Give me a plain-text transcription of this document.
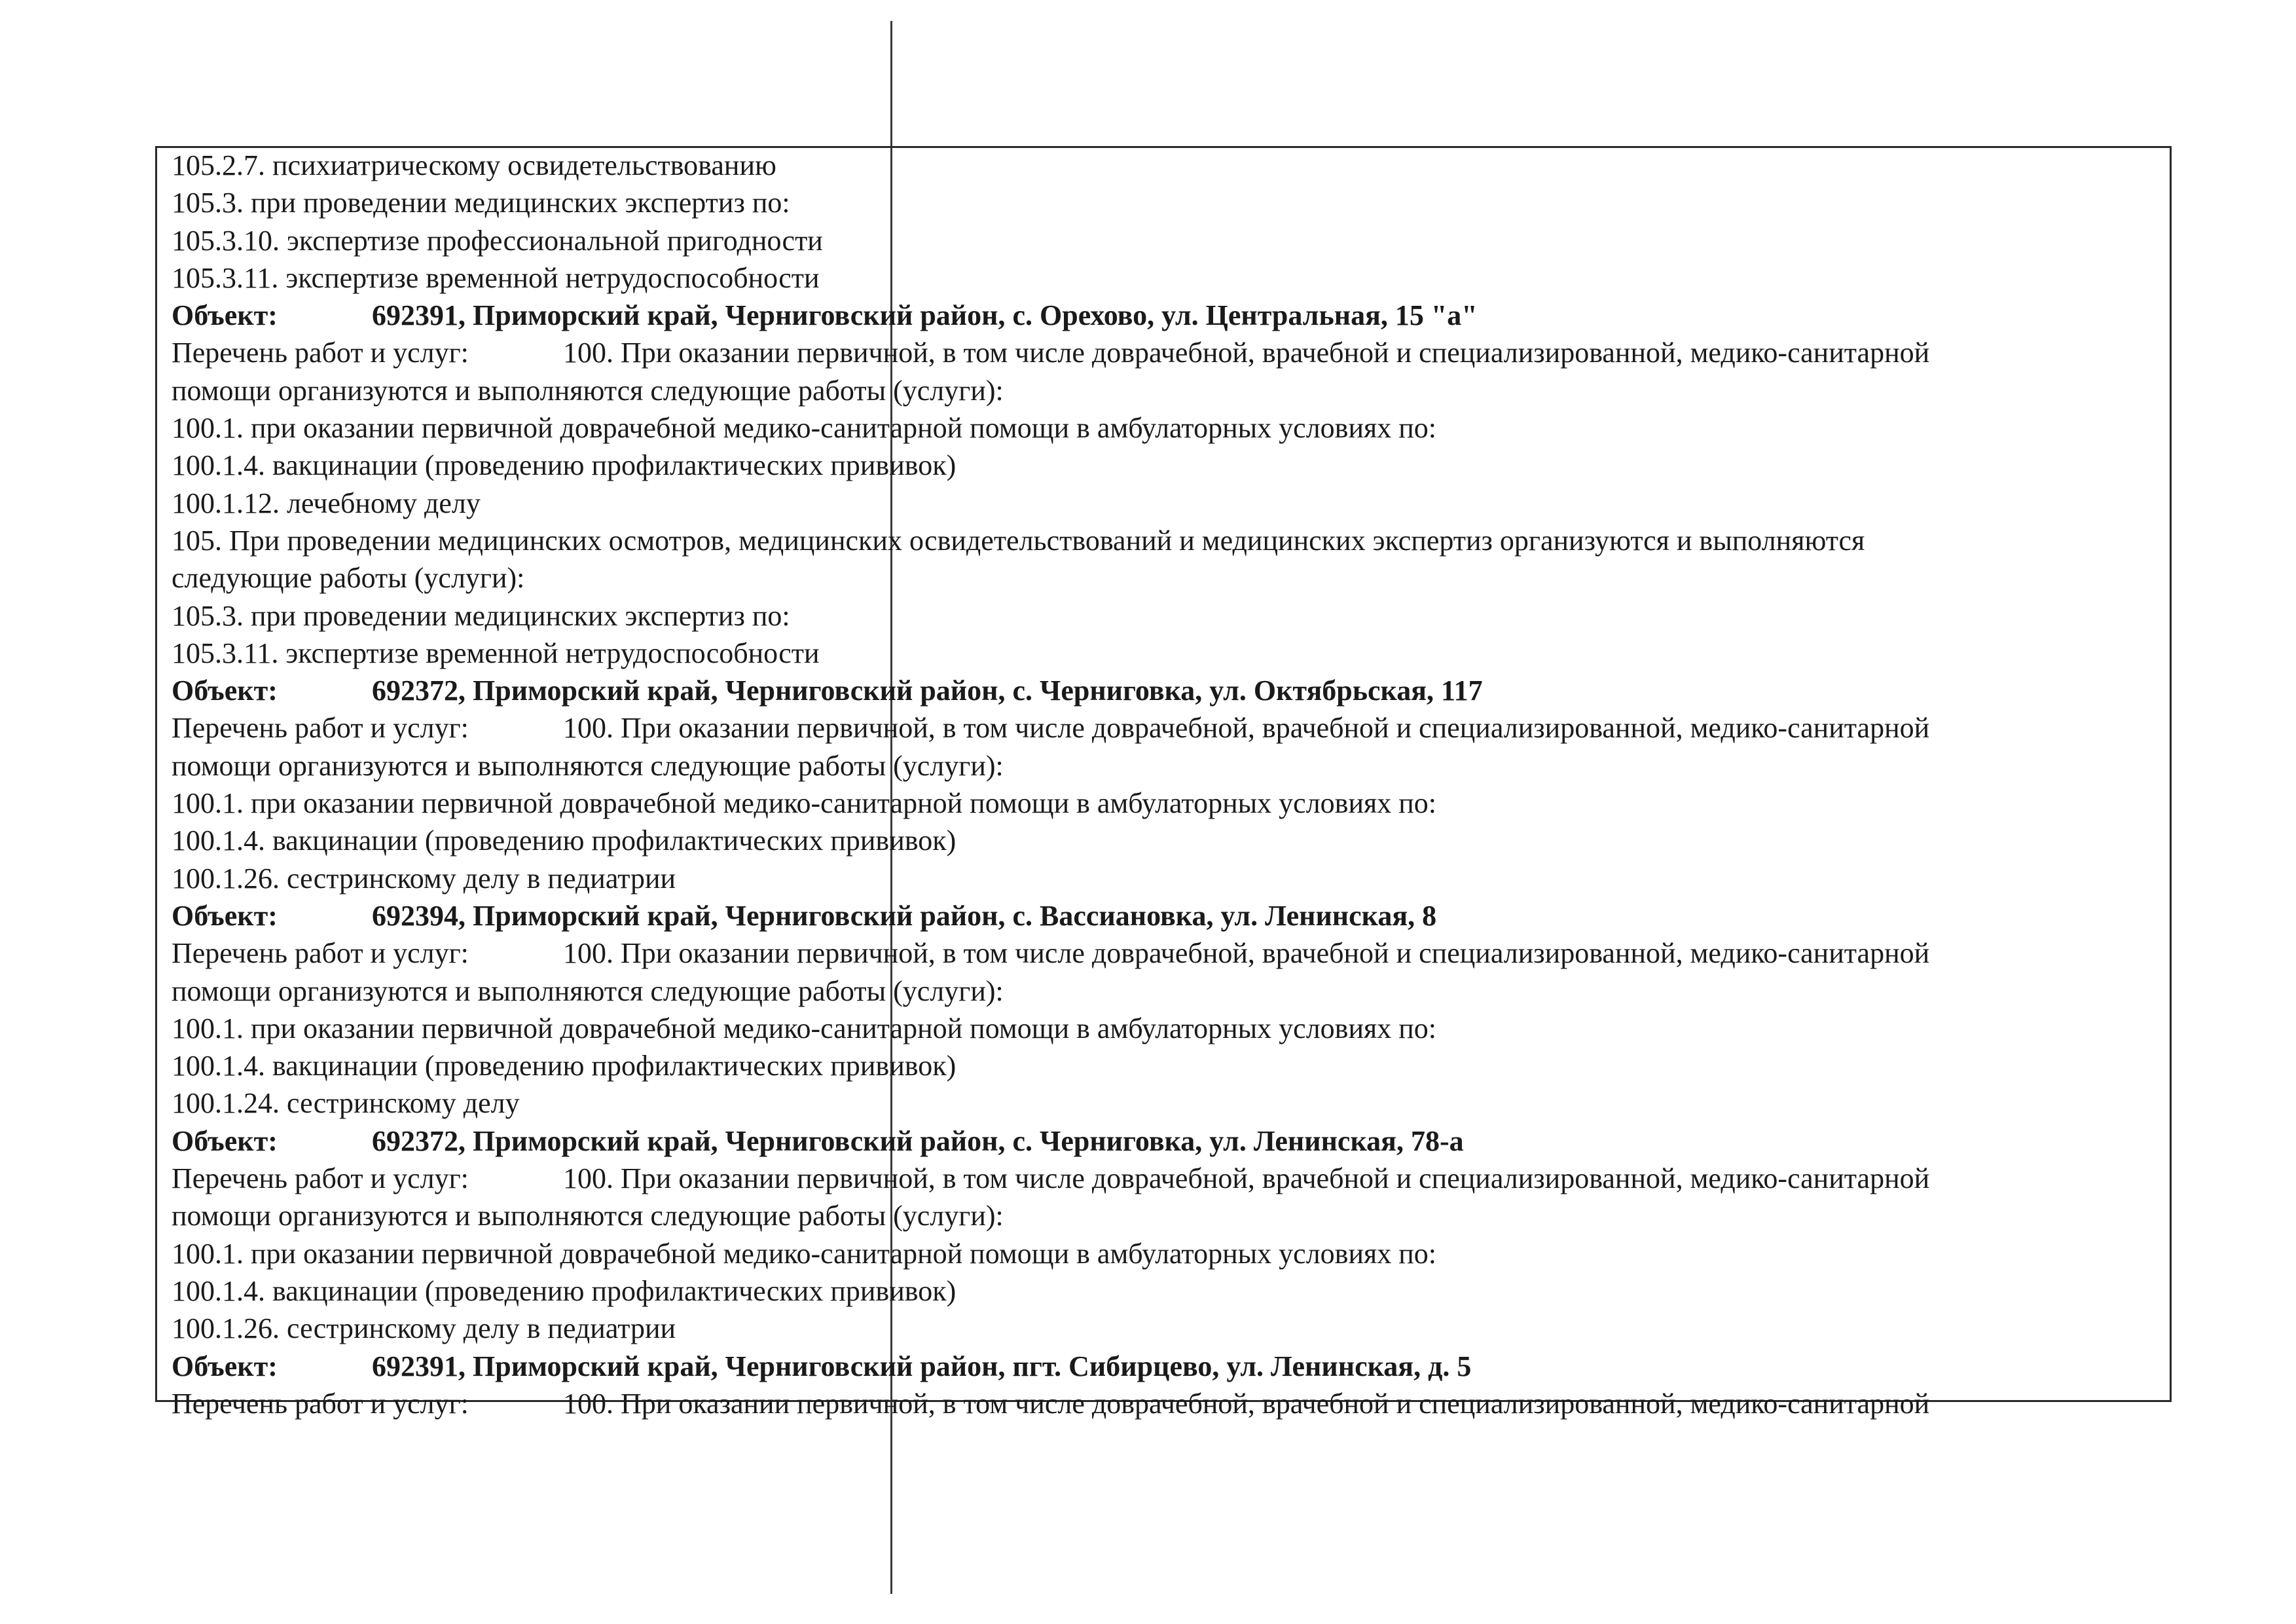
105.2.7. психиатрическому освидетельствованию
105.3. при проведении медицинских экспертиз по:
105.3.10. экспертизе профессиональной пригодности
105.3.11. экспертизе временной нетрудоспособности
Объект:	692391, Приморский край, Черниговский район, с. Орехово, ул. Центральная, 15 "а"
Перечень работ и услуг:	100. При оказании первичной, в том числе доврачебной, врачебной и специализированной, медико-санитарной
помощи организуются и выполняются следующие работы (услуги):
100.1. при оказании первичной доврачебной медико-санитарной помощи в амбулаторных условиях по:
100.1.4. вакцинации (проведению профилактических прививок)
100.1.12. лечебному делу
105. При проведении медицинских осмотров, медицинских освидетельствований и медицинских экспертиз организуются и выполняются
следующие работы (услуги):
105.3. при проведении медицинских экспертиз по:
105.3.11. экспертизе временной нетрудоспособности
Объект:	692372, Приморский край, Черниговский район, с. Черниговка, ул. Октябрьская, 117
Перечень работ и услуг:	100. При оказании первичной, в том числе доврачебной, врачебной и специализированной, медико-санитарной
помощи организуются и выполняются следующие работы (услуги):
100.1. при оказании первичной доврачебной медико-санитарной помощи в амбулаторных условиях по:
100.1.4. вакцинации (проведению профилактических прививок)
100.1.26. сестринскому делу в педиатрии
Объект:	692394, Приморский край, Черниговский район, с. Вассиановка, ул. Ленинская, 8
Перечень работ и услуг:	100. При оказании первичной, в том числе доврачебной, врачебной и специализированной, медико-санитарной
помощи организуются и выполняются следующие работы (услуги):
100.1. при оказании первичной доврачебной медико-санитарной помощи в амбулаторных условиях по:
100.1.4. вакцинации (проведению профилактических прививок)
100.1.24. сестринскому делу
Объект:	692372, Приморский край, Черниговский район, с. Черниговка, ул. Ленинская, 78-а
Перечень работ и услуг:	100. При оказании первичной, в том числе доврачебной, врачебной и специализированной, медико-санитарной
помощи организуются и выполняются следующие работы (услуги):
100.1. при оказании первичной доврачебной медико-санитарной помощи в амбулаторных условиях по:
100.1.4. вакцинации (проведению профилактических прививок)
100.1.26. сестринскому делу в педиатрии
Объект:	692391, Приморский край, Черниговский район, пгт. Сибирцево, ул. Ленинская, д. 5
Перечень работ и услуг:	100. При оказании первичной, в том числе доврачебной, врачебной и специализированной, медико-санитарной
